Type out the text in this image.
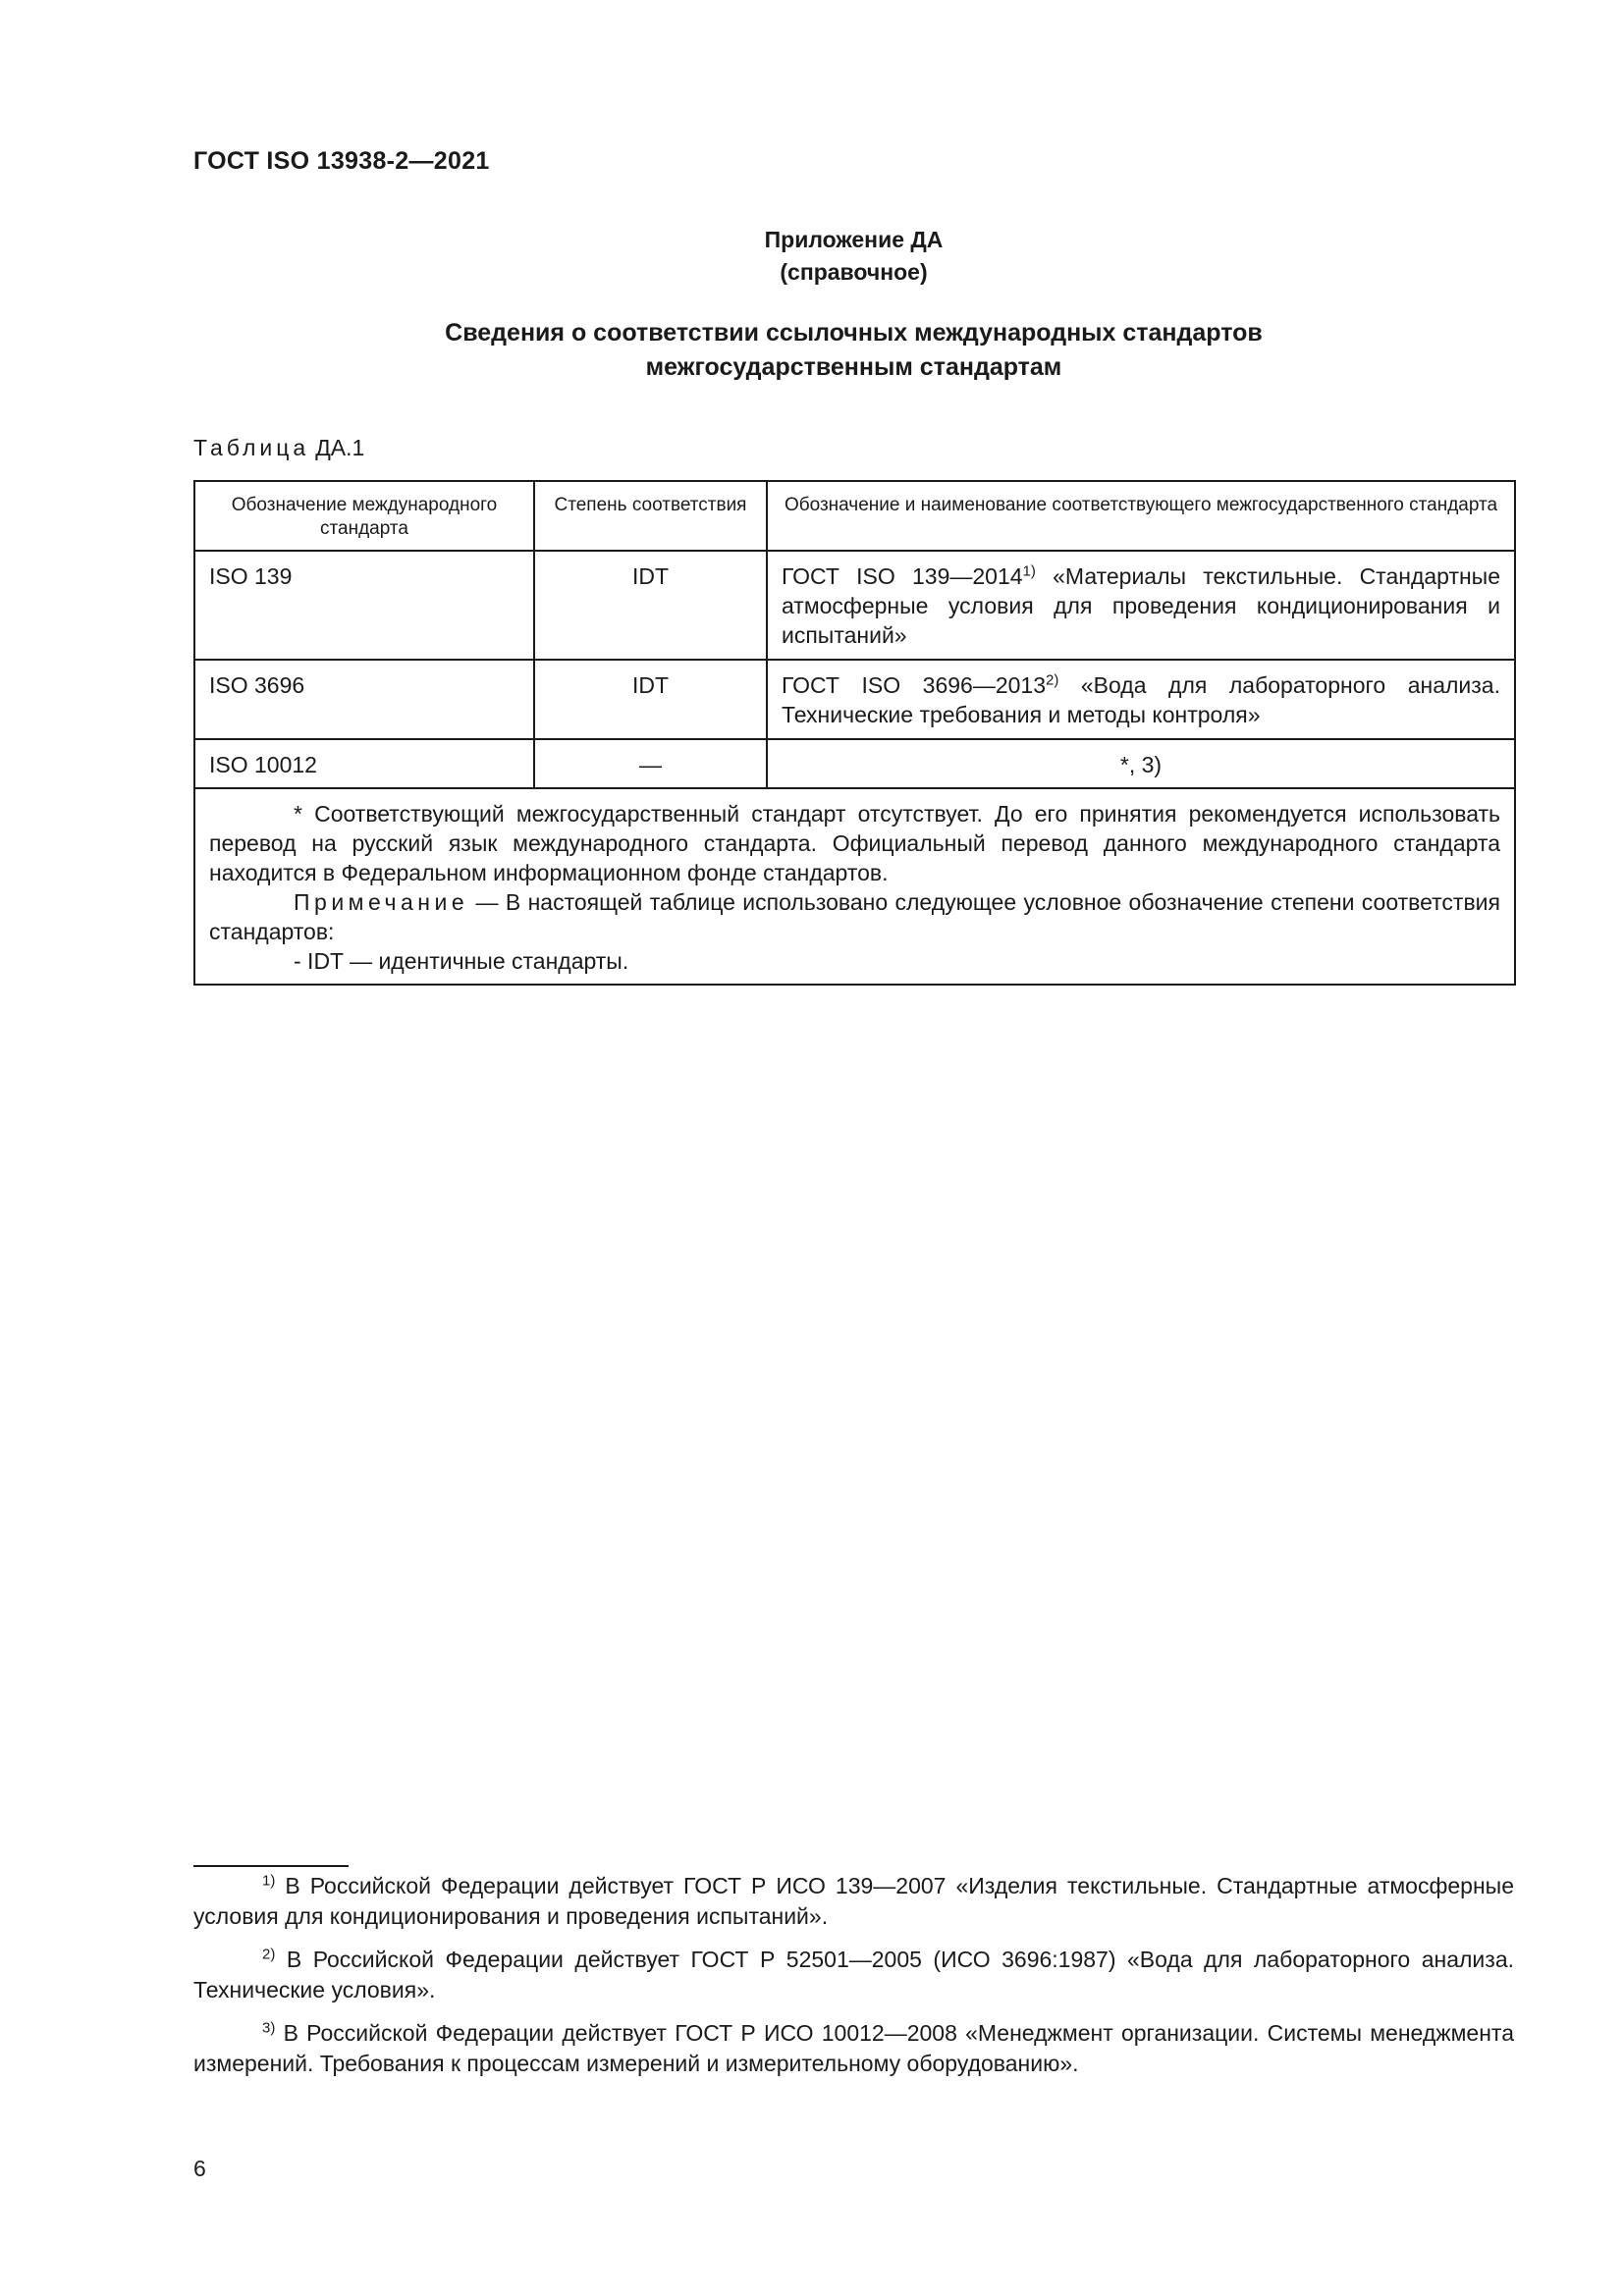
ГОСТ ISO 13938-2—2021
Приложение ДА
(справочное)
Сведения о соответствии ссылочных международных стандартов
межгосударственным стандартам
Таблица ДА.1
Обозначение международного стандарта	Степень соответствия	Обозначение и наименование соответствующего межгосударственного стандарта
ISO 139	IDT	ГОСТ ISO 139—2014$^{1)}$ «Материалы текстильные. Стандартные атмосферные условия для проведения кондиционирования и испытаний»
ISO 3696	IDT	ГОСТ ISO 3696—2013$^{2)}$ «Вода для лабораторного анализа. Технические требования и методы контроля»
ISO 10012	—	*, 3)

* Соответствующий межгосударственный стандарт отсутствует. До его принятия рекомендуется использовать перевод на русский язык международного стандарта. Официальный перевод данного международного стандарта находится в Федеральном информационном фонде стандартов.

Примечание — В настоящей таблице использовано следующее условное обозначение степени соответствия стандартов:

- IDT — идентичные стандарты.		

$^{1)}$ В Российской Федерации действует ГОСТ Р ИСО 139—2007 «Изделия текстильные. Стандартные атмосферные условия для кондиционирования и проведения испытаний».

$^{2)}$ В Российской Федерации действует ГОСТ Р 52501—2005 (ИСО 3696:1987) «Вода для лабораторного анализа. Технические условия».

$^{3)}$ В Российской Федерации действует ГОСТ Р ИСО 10012—2008 «Менеджмент организации. Системы менеджмента измерений. Требования к процессам измерений и измерительному оборудованию».

6
